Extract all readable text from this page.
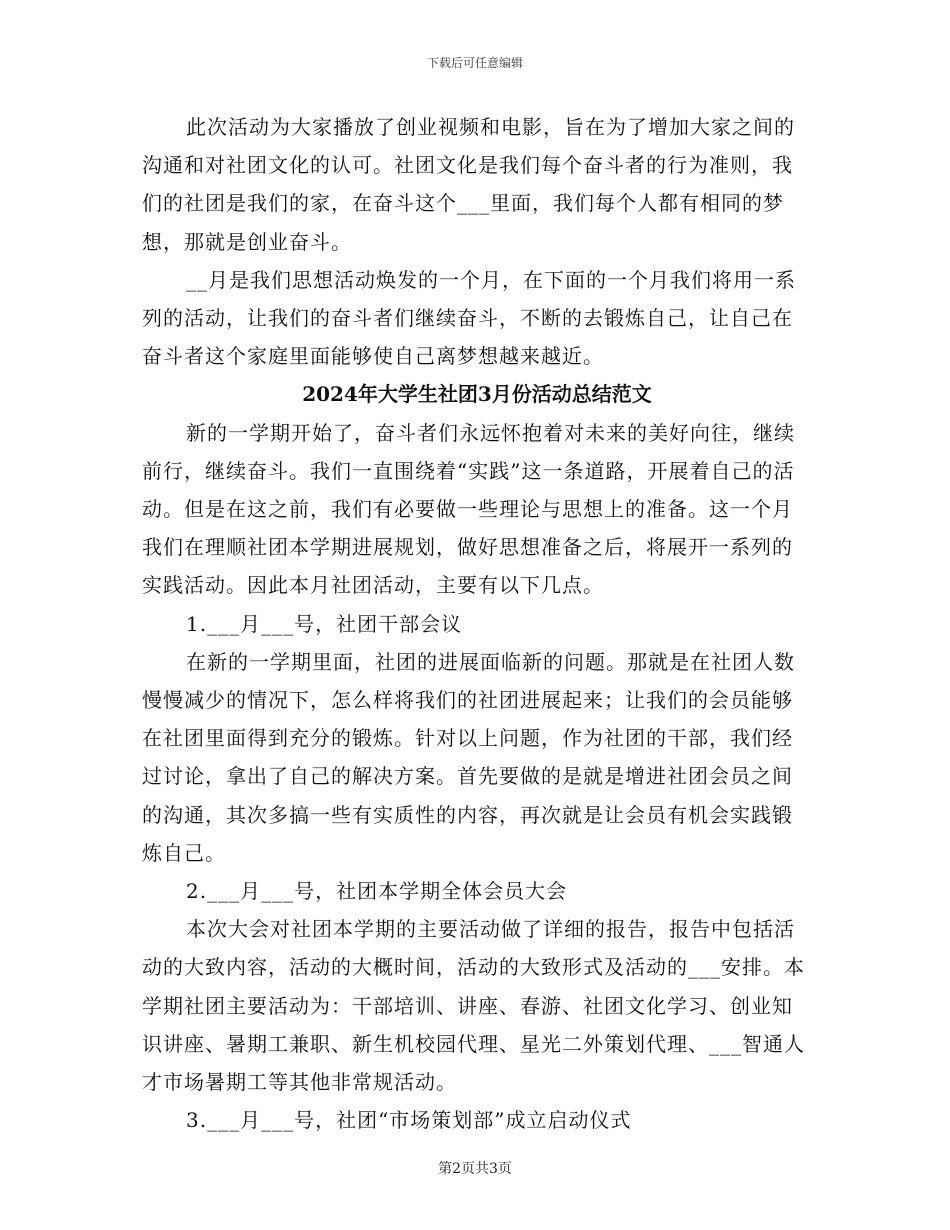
下载后可任意编辑

此次活动为大家播放了创业视频和电影，旨在为了增加大家之间的沟通和对社团文化的认可。社团文化是我们每个奋斗者的行为准则，我们的社团是我们的家，在奋斗这个___里面，我们每个人都有相同的梦想，那就是创业奋斗。

__月是我们思想活动焕发的一个月，在下面的一个月我们将用一系列的活动，让我们的奋斗者们继续奋斗，不断的去锻炼自己，让自己在奋斗者这个家庭里面能够使自己离梦想越来越近。

2024年大学生社团3月份活动总结范文

新的一学期开始了，奋斗者们永远怀抱着对未来的美好向往，继续前行，继续奋斗。我们一直围绕着“实践”这一条道路，开展着自己的活动。但是在这之前，我们有必要做一些理论与思想上的准备。这一个月我们在理顺社团本学期进展规划，做好思想准备之后，将展开一系列的实践活动。因此本月社团活动，主要有以下几点。

1.___月___号，社团干部会议

在新的一学期里面，社团的进展面临新的问题。那就是在社团人数慢慢减少的情况下，怎么样将我们的社团进展起来；让我们的会员能够在社团里面得到充分的锻炼。针对以上问题，作为社团的干部，我们经过讨论，拿出了自己的解决方案。首先要做的是就是增进社团会员之间的沟通，其次多搞一些有实质性的内容，再次就是让会员有机会实践锻炼自己。

2.___月___号，社团本学期全体会员大会

本次大会对社团本学期的主要活动做了详细的报告，报告中包括活动的大致内容，活动的大概时间，活动的大致形式及活动的___安排。本学期社团主要活动为：干部培训、讲座、春游、社团文化学习、创业知识讲座、暑期工兼职、新生机校园代理、星光二外策划代理、___智通人才市场暑期工等其他非常规活动。

3.___月___号，社团“市场策划部”成立启动仪式

第2页共3页
